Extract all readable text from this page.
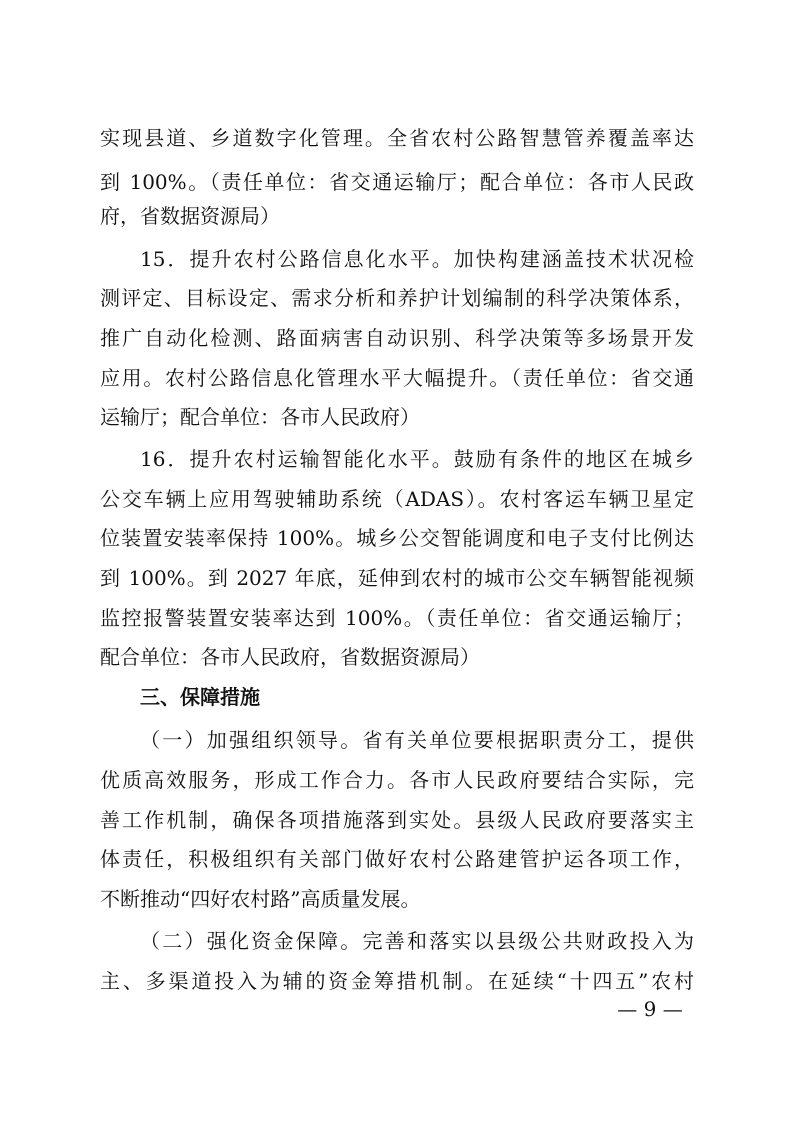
实现县道、乡道数字化管理。全省农村公路智慧管养覆盖率达
到 100%。（责任单位：省交通运输厅；配合单位：各市人民政
府，省数据资源局）
15．提升农村公路信息化水平。加快构建涵盖技术状况检
测评定、目标设定、需求分析和养护计划编制的科学决策体系，
推广自动化检测、路面病害自动识别、科学决策等多场景开发
应用。农村公路信息化管理水平大幅提升。（责任单位：省交通
运输厅；配合单位：各市人民政府）
16．提升农村运输智能化水平。鼓励有条件的地区在城乡
公交车辆上应用驾驶辅助系统（ADAS）。农村客运车辆卫星定
位装置安装率保持 100%。城乡公交智能调度和电子支付比例达
到 100%。到 2027 年底，延伸到农村的城市公交车辆智能视频
监控报警装置安装率达到 100%。（责任单位：省交通运输厅；
配合单位：各市人民政府，省数据资源局）
三、保障措施
（一）加强组织领导。省有关单位要根据职责分工，提供
优质高效服务，形成工作合力。各市人民政府要结合实际，完
善工作机制，确保各项措施落到实处。县级人民政府要落实主
体责任，积极组织有关部门做好农村公路建管护运各项工作，
不断推动“四好农村路”高质量发展。
（二）强化资金保障。完善和落实以县级公共财政投入为
主、多渠道投入为辅的资金筹措机制。在延续“十四五”农村
— 9 —
